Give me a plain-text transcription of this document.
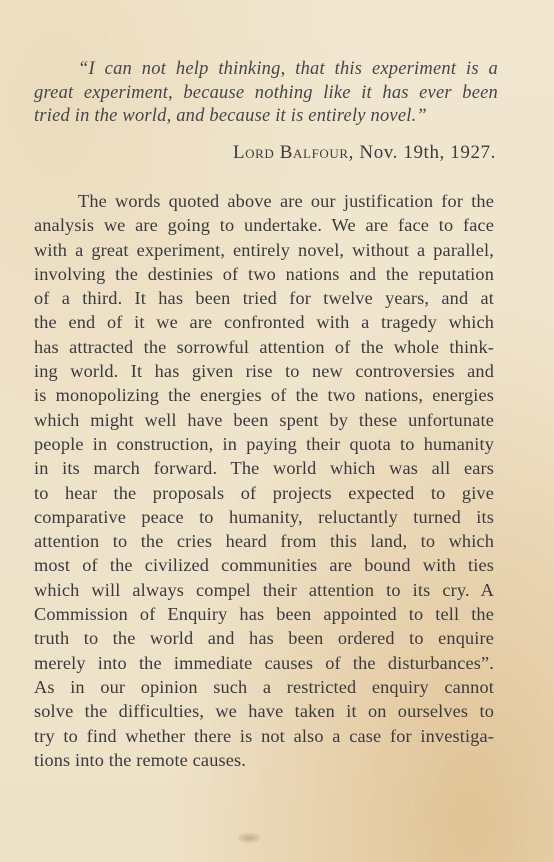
“I can not help thinking, that this experiment is a
great experiment, because nothing like it has ever been
tried in the world, and because it is entirely novel.”
Lord Balfour, Nov. 19th, 1927.
The words quoted above are our justification for the
analysis we are going to undertake. We are face to face
with a great experiment, entirely novel, without a parallel,
involving the destinies of two nations and the reputation
of a third. It has been tried for twelve years, and at
the end of it we are confronted with a tragedy which
has attracted the sorrowful attention of the whole think-
ing world. It has given rise to new controversies and
is monopolizing the energies of the two nations, energies
which might well have been spent by these unfortunate
people in construction, in paying their quota to humanity
in its march forward. The world which was all ears
to hear the proposals of projects expected to give
comparative peace to humanity, reluctantly turned its
attention to the cries heard from this land, to which
most of the civilized communities are bound with ties
which will always compel their attention to its cry. A
Commission of Enquiry has been appointed to tell the
truth to the world and has been ordered to enquire
merely into the immediate causes of the disturbances”.
As in our opinion such a restricted enquiry cannot
solve the difficulties, we have taken it on ourselves to
try to find whether there is not also a case for investiga-
tions into the remote causes.
